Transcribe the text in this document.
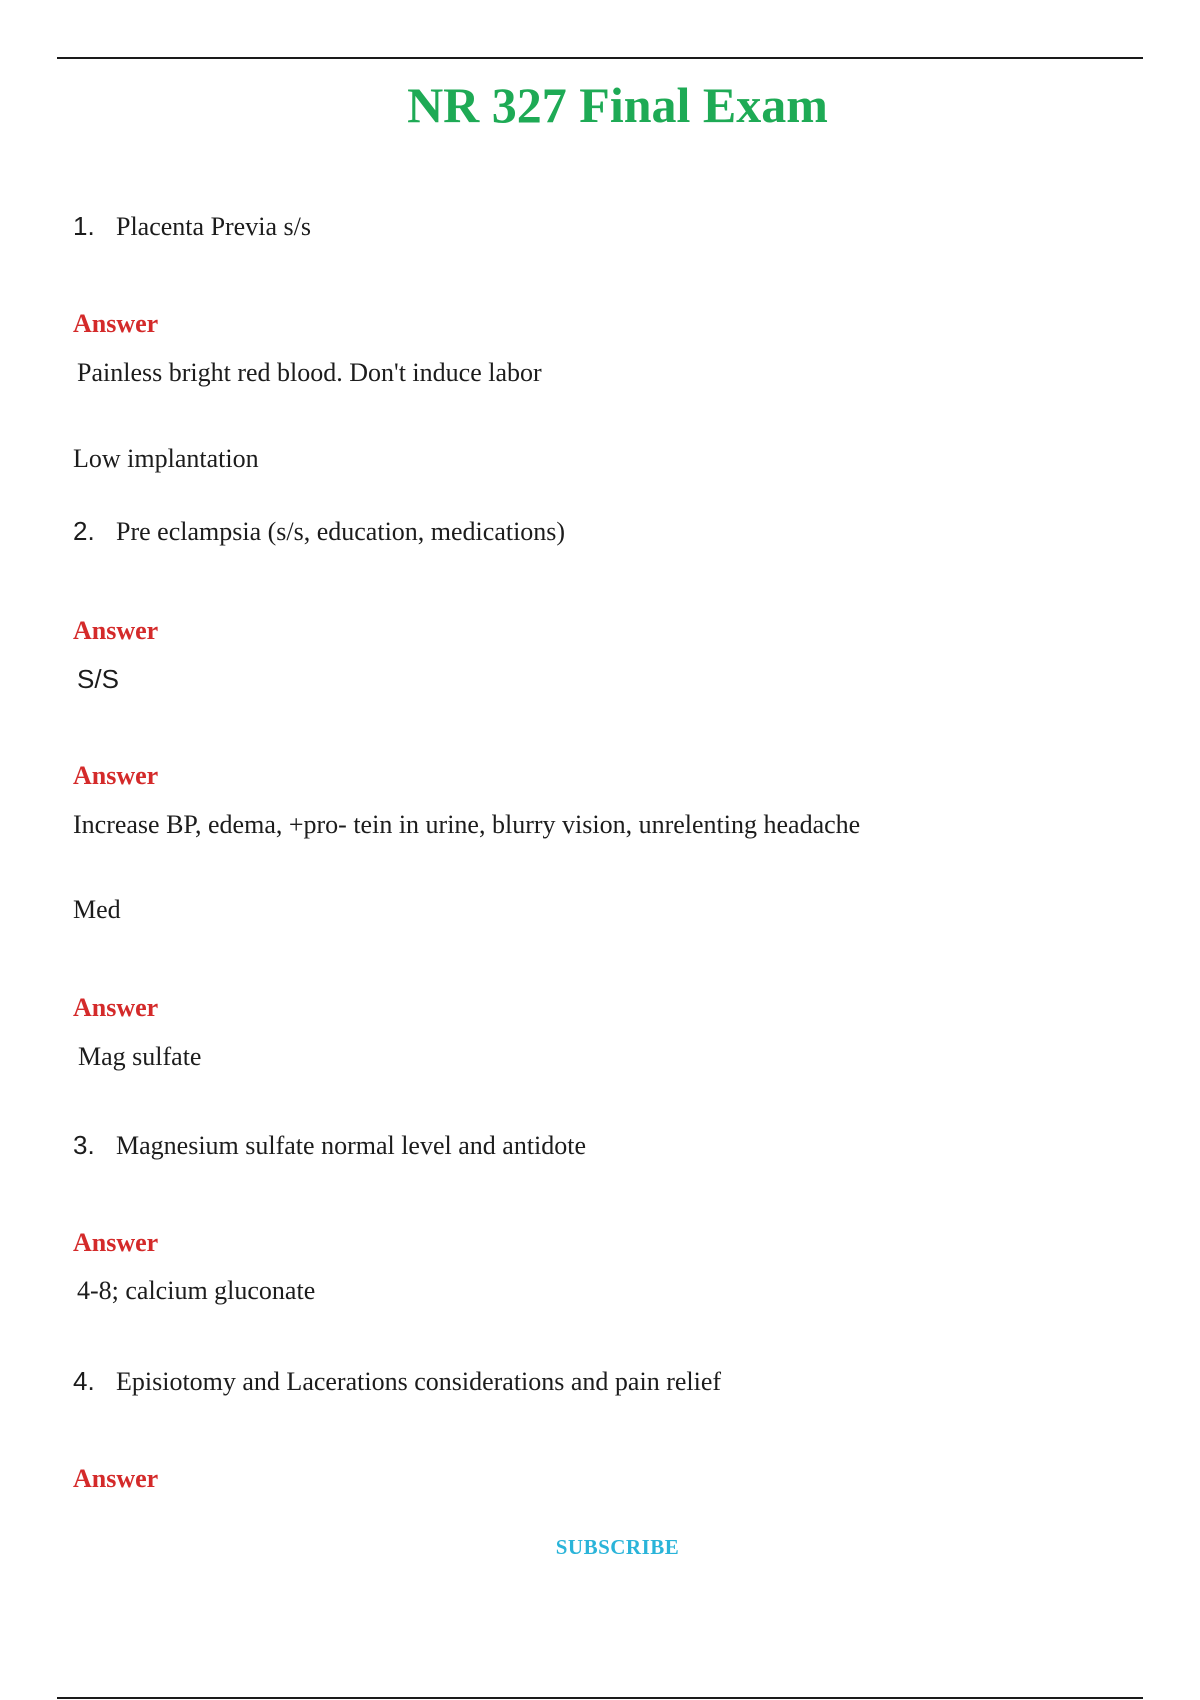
NR 327 Final Exam
1. Placenta Previa s/s
Answer
Painless bright red blood. Don't induce labor
Low implantation
2. Pre eclampsia (s/s, education, medications)
Answer
S/S
Answer
Increase BP, edema, +pro- tein in urine, blurry vision, unrelenting headache
Med
Answer
Mag sulfate
3. Magnesium sulfate normal level and antidote
Answer
4-8; calcium gluconate
4. Episiotomy and Lacerations considerations and pain relief
Answer
SUBSCRIBE
